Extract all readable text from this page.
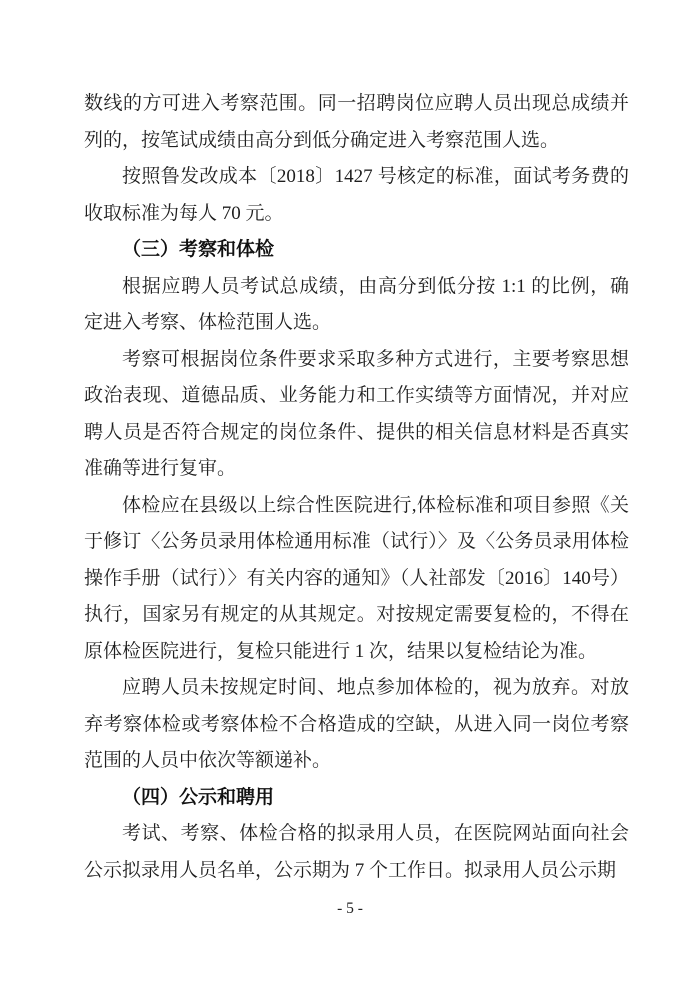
数线的方可进入考察范围。同一招聘岗位应聘人员出现总成绩并列的，按笔试成绩由高分到低分确定进入考察范围人选。

按照鲁发改成本〔2018〕1427 号核定的标准，面试考务费的收取标准为每人 70 元。

（三）考察和体检

根据应聘人员考试总成绩，由高分到低分按 1:1 的比例，确定进入考察、体检范围人选。

考察可根据岗位条件要求采取多种方式进行，主要考察思想政治表现、道德品质、业务能力和工作实绩等方面情况，并对应聘人员是否符合规定的岗位条件、提供的相关信息材料是否真实准确等进行复审。

体检应在县级以上综合性医院进行,体检标准和项目参照《关于修订〈公务员录用体检通用标准（试行）〉及〈公务员录用体检操作手册（试行）〉有关内容的通知》（人社部发〔2016〕140号）执行，国家另有规定的从其规定。对按规定需要复检的，不得在原体检医院进行，复检只能进行 1 次，结果以复检结论为准。

应聘人员未按规定时间、地点参加体检的，视为放弃。对放弃考察体检或考察体检不合格造成的空缺，从进入同一岗位考察范围的人员中依次等额递补。

（四）公示和聘用

考试、考察、体检合格的拟录用人员，在医院网站面向社会公示拟录用人员名单，公示期为 7 个工作日。拟录用人员公示期

- 5 -
